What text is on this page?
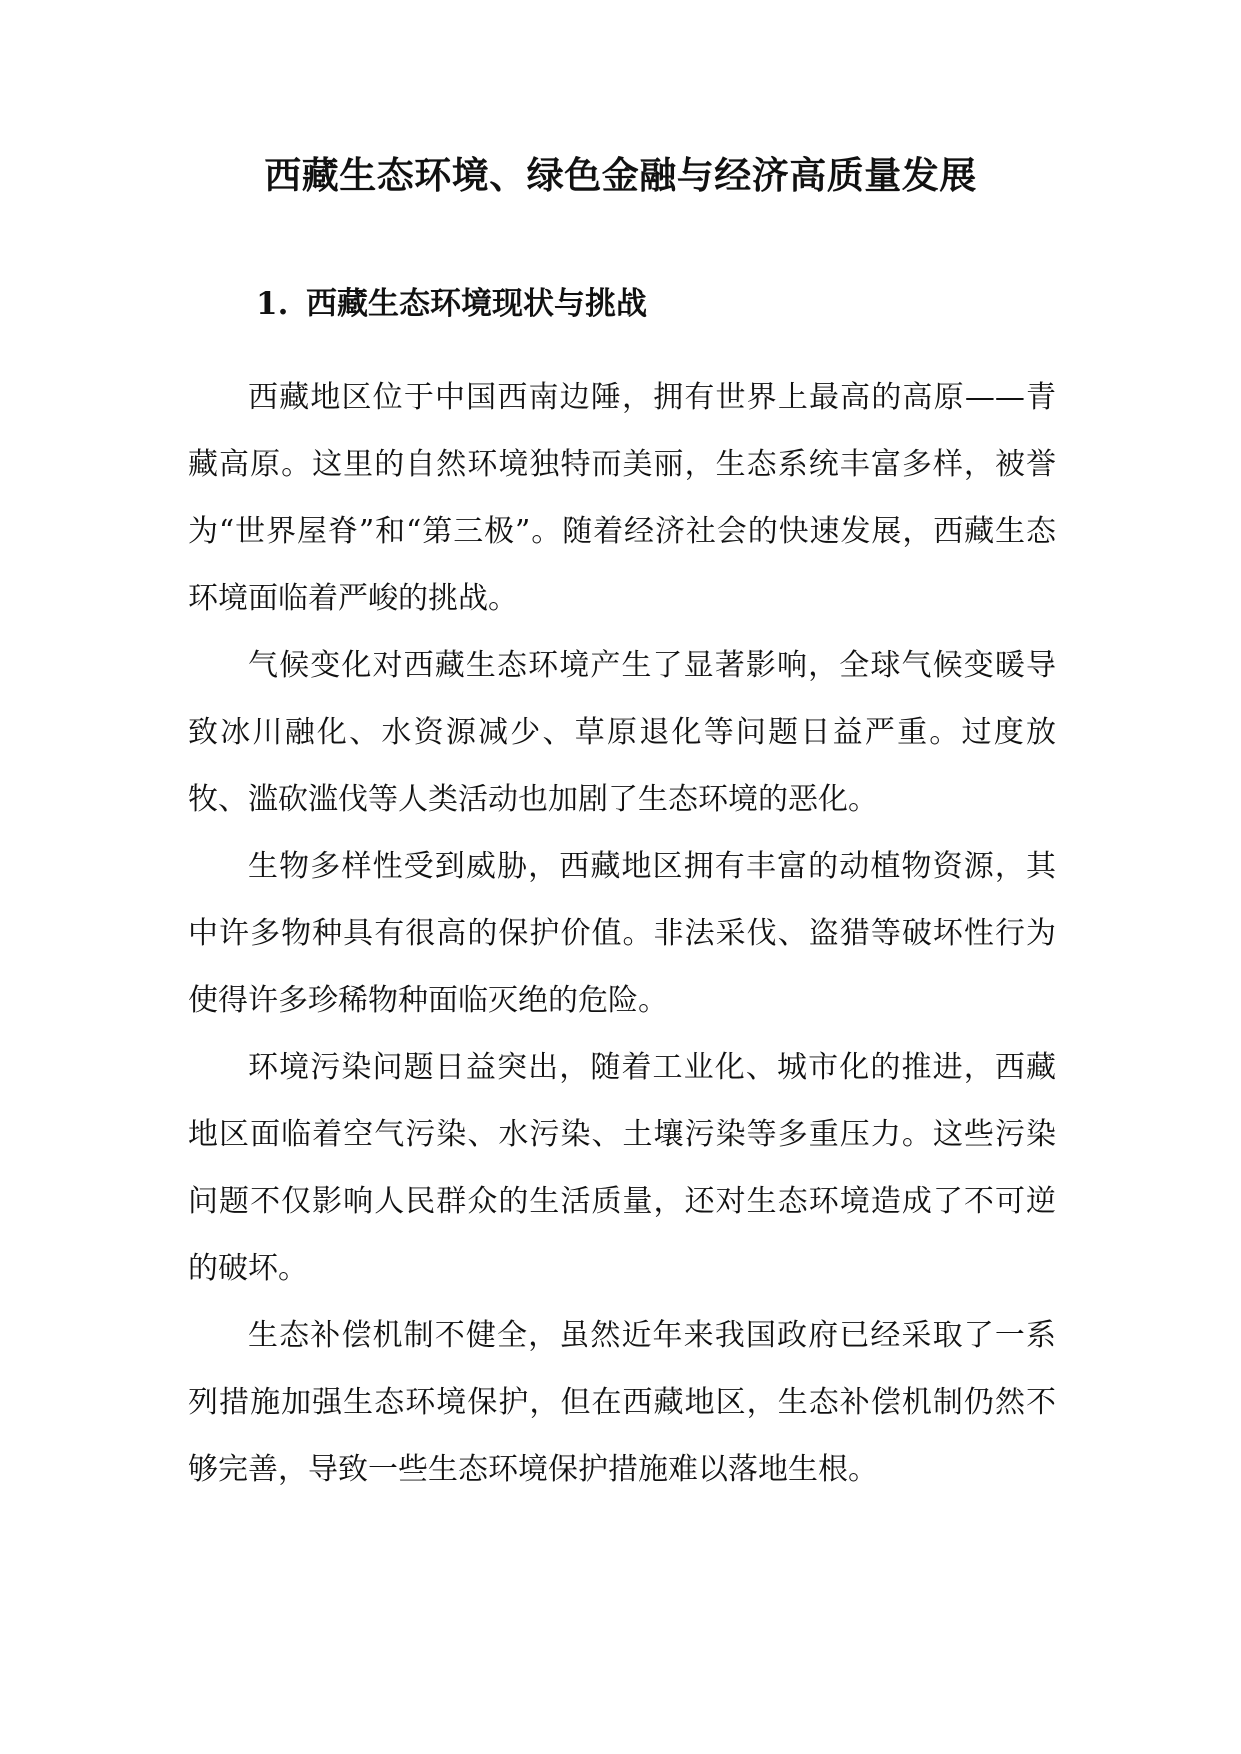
西藏生态环境、绿色金融与经济高质量发展
1. 西藏生态环境现状与挑战

西藏地区位于中国西南边陲，拥有世界上最高的高原——青藏高原。这里的自然环境独特而美丽，生态系统丰富多样，被誉为“世界屋脊”和“第三极”。随着经济社会的快速发展，西藏生态环境面临着严峻的挑战。

气候变化对西藏生态环境产生了显著影响，全球气候变暖导致冰川融化、水资源减少、草原退化等问题日益严重。过度放牧、滥砍滥伐等人类活动也加剧了生态环境的恶化。

生物多样性受到威胁，西藏地区拥有丰富的动植物资源，其中许多物种具有很高的保护价值。非法采伐、盗猎等破坏性行为使得许多珍稀物种面临灭绝的危险。

环境污染问题日益突出，随着工业化、城市化的推进，西藏地区面临着空气污染、水污染、土壤污染等多重压力。这些污染问题不仅影响人民群众的生活质量，还对生态环境造成了不可逆的破坏。

生态补偿机制不健全，虽然近年来我国政府已经采取了一系列措施加强生态环境保护，但在西藏地区，生态补偿机制仍然不够完善，导致一些生态环境保护措施难以落地生根。
